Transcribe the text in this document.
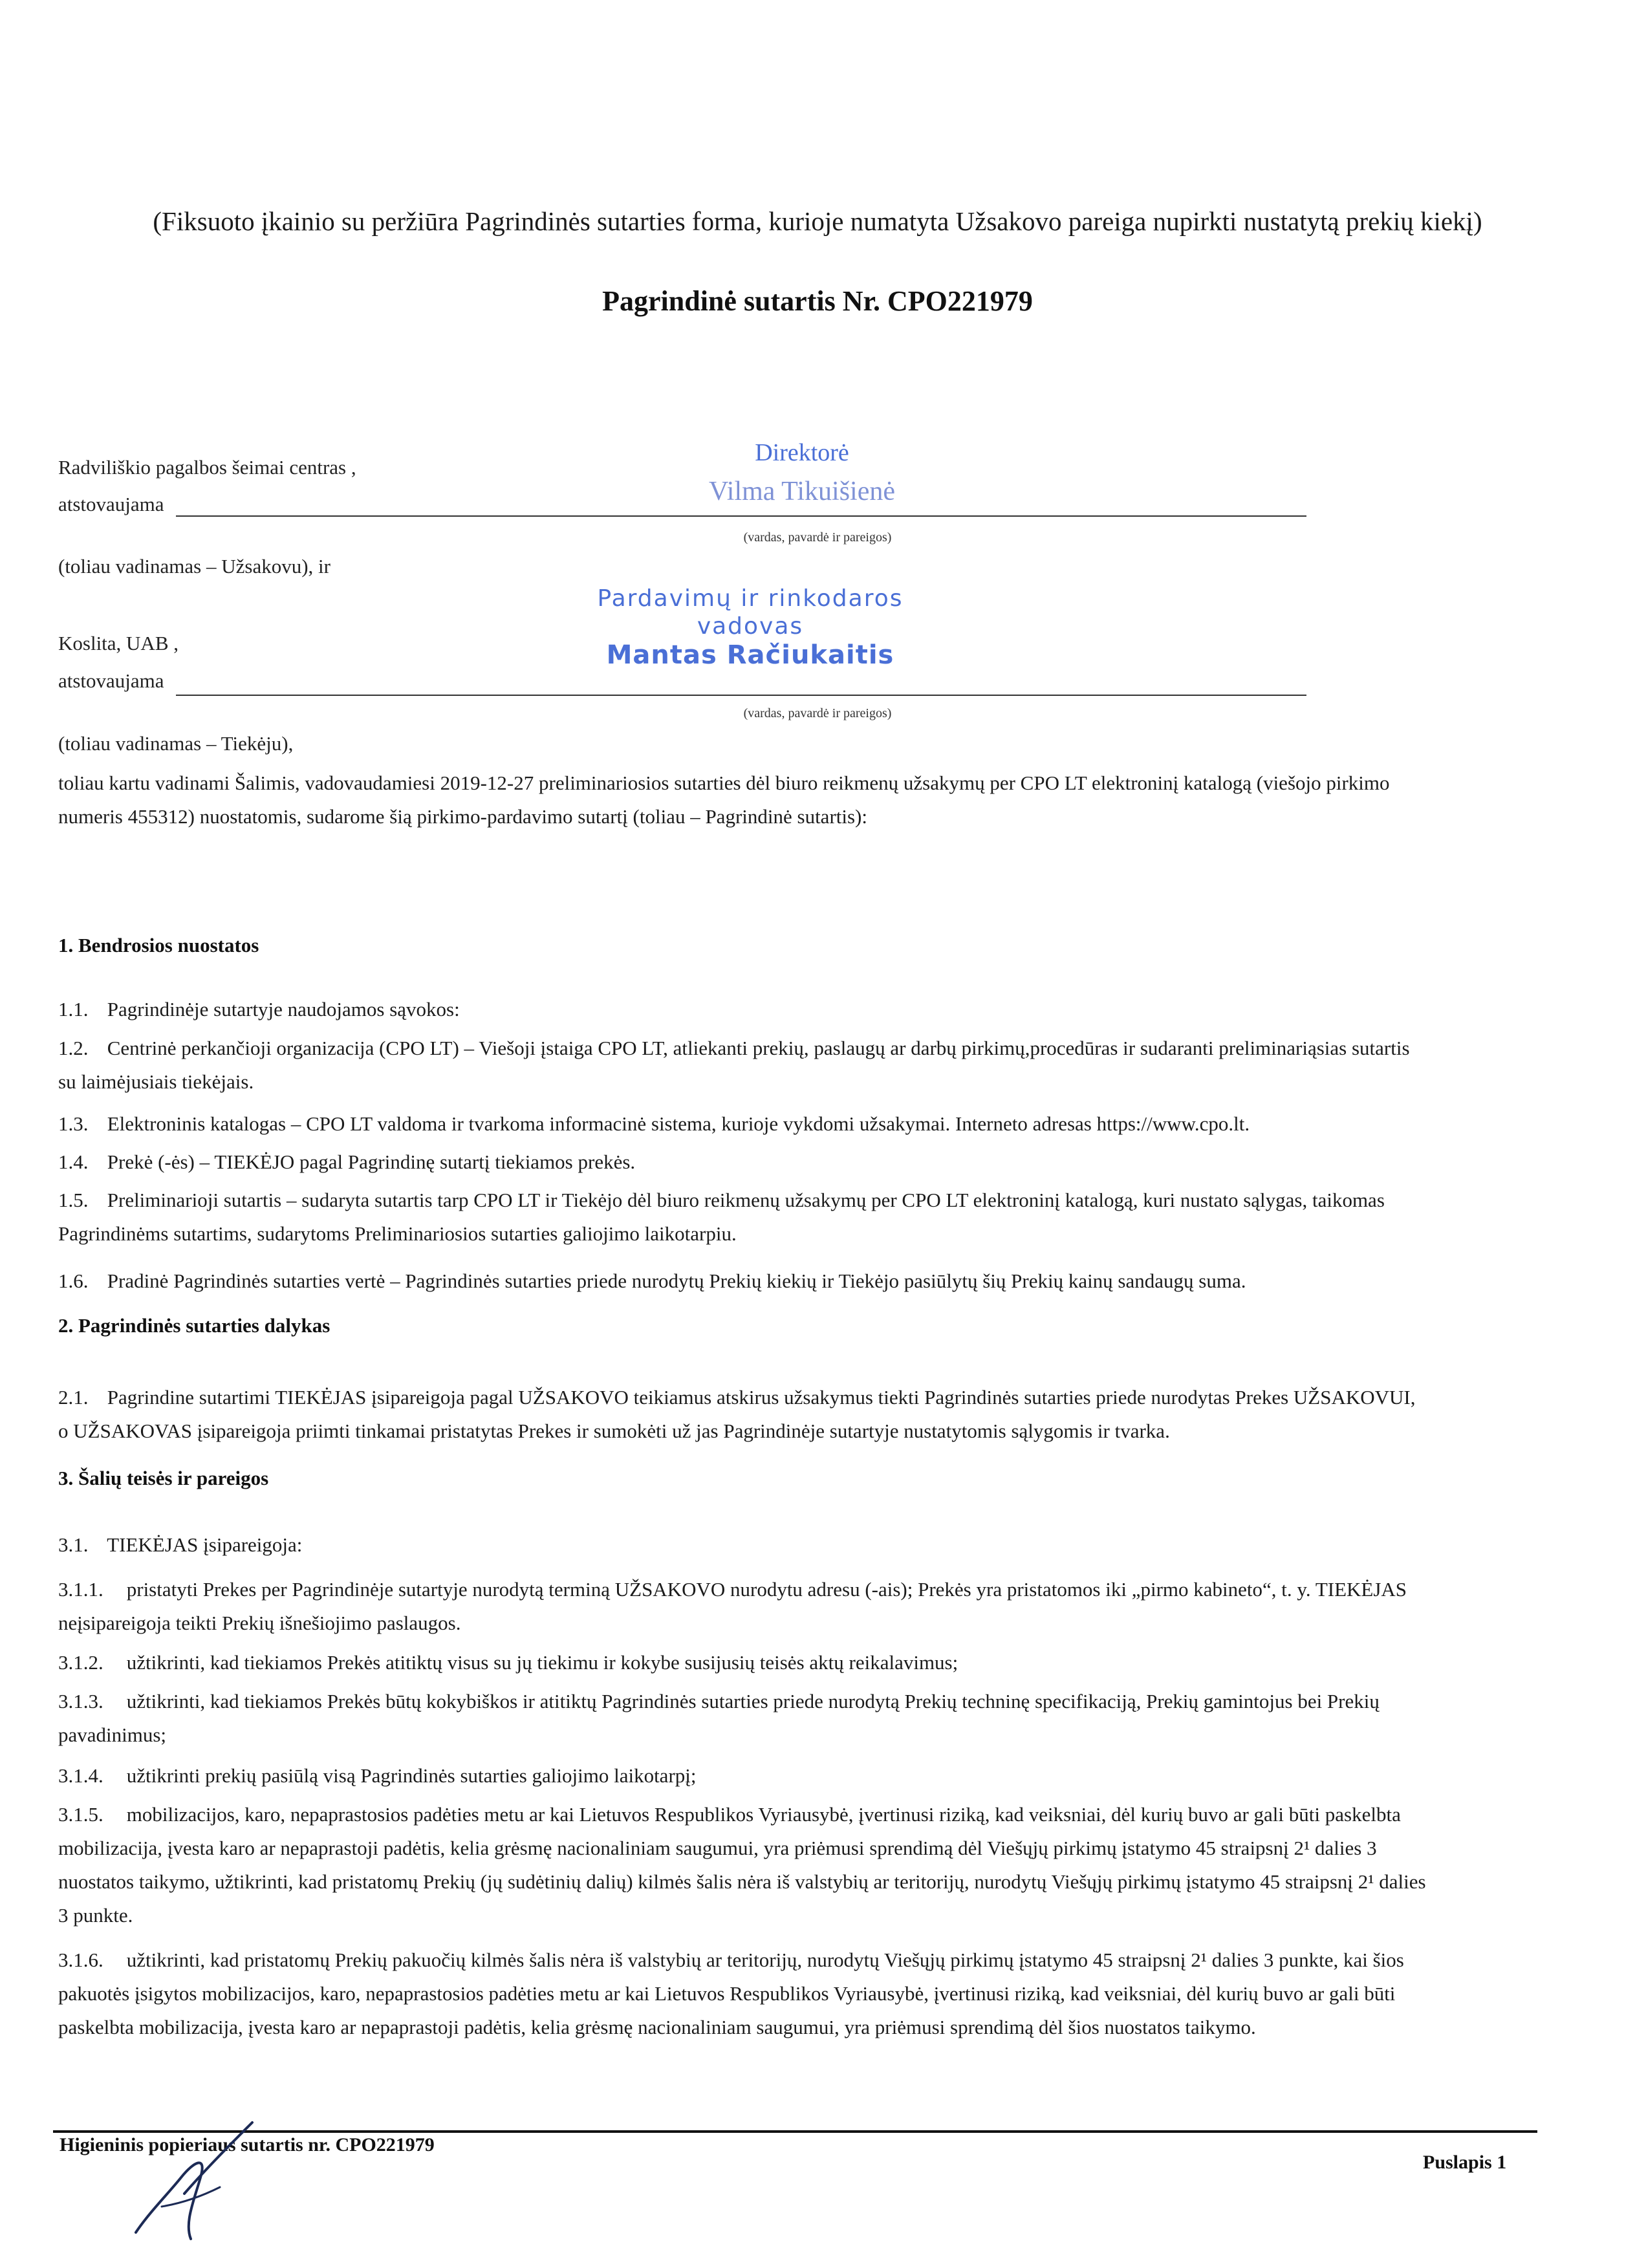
(Fiksuoto įkainio su peržiūra Pagrindinės sutarties forma, kurioje numatyta Užsakovo pareiga nupirkti nustatytą prekių kiekį)
Pagrindinė sutartis Nr. CPO221979
Radviliškio pagalbos šeimai centras ,
atstovaujama
Direktorė
Vilma Tikuišienė
(vardas, pavardė ir pareigos)
(toliau vadinamas – Užsakovu), ir
Koslita, UAB ,
atstovaujama
Pardavimų ir rinkodaros
vadovas
Mantas Račiukaitis
(vardas, pavardė ir pareigos)
(toliau vadinamas – Tiekėju),
toliau kartu vadinami Šalimis, vadovaudamiesi 2019-12-27 preliminariosios sutarties dėl biuro reikmenų užsakymų per CPO LT elektroninį katalogą (viešojo pirkimo numeris 455312) nuostatomis, sudarome šią pirkimo-pardavimo sutartį (toliau – Pagrindinė sutartis):
1. Bendrosios nuostatos
1.1. Pagrindinėje sutartyje naudojamos sąvokos:
1.2. Centrinė perkančioji organizacija (CPO LT) – Viešoji įstaiga CPO LT, atliekanti prekių, paslaugų ar darbų pirkimų,procedūras ir sudaranti preliminariąsias sutartis su laimėjusiais tiekėjais.
1.3. Elektroninis katalogas – CPO LT valdoma ir tvarkoma informacinė sistema, kurioje vykdomi užsakymai. Interneto adresas https://www.cpo.lt.
1.4. Prekė (-ės) – TIEKĖJO pagal Pagrindinę sutartį tiekiamos prekės.
1.5. Preliminarioji sutartis – sudaryta sutartis tarp CPO LT ir Tiekėjo dėl biuro reikmenų užsakymų per CPO LT elektroninį katalogą, kuri nustato sąlygas, taikomas Pagrindinėms sutartims, sudarytoms Preliminariosios sutarties galiojimo laikotarpiu.
1.6. Pradinė Pagrindinės sutarties vertė – Pagrindinės sutarties priede nurodytų Prekių kiekių ir Tiekėjo pasiūlytų šių Prekių kainų sandaugų suma.
2. Pagrindinės sutarties dalykas
2.1. Pagrindine sutartimi TIEKĖJAS įsipareigoja pagal UŽSAKOVO teikiamus atskirus užsakymus tiekti Pagrindinės sutarties priede nurodytas Prekes UŽSAKOVUI, o UŽSAKOVAS įsipareigoja priimti tinkamai pristatytas Prekes ir sumokėti už jas Pagrindinėje sutartyje nustatytomis sąlygomis ir tvarka.
3. Šalių teisės ir pareigos
3.1. TIEKĖJAS įsipareigoja:
3.1.1. pristatyti Prekes per Pagrindinėje sutartyje nurodytą terminą UŽSAKOVO nurodytu adresu (-ais); Prekės yra pristatomos iki „pirmo kabineto“, t. y. TIEKĖJAS neįsipareigoja teikti Prekių išnešiojimo paslaugos.
3.1.2. užtikrinti, kad tiekiamos Prekės atitiktų visus su jų tiekimu ir kokybe susijusių teisės aktų reikalavimus;
3.1.3. užtikrinti, kad tiekiamos Prekės būtų kokybiškos ir atitiktų Pagrindinės sutarties priede nurodytą Prekių techninę specifikaciją, Prekių gamintojus bei Prekių pavadinimus;
3.1.4. užtikrinti prekių pasiūlą visą Pagrindinės sutarties galiojimo laikotarpį;
3.1.5. mobilizacijos, karo, nepaprastosios padėties metu ar kai Lietuvos Respublikos Vyriausybė, įvertinusi riziką, kad veiksniai, dėl kurių buvo ar gali būti paskelbta mobilizacija, įvesta karo ar nepaprastoji padėtis, kelia grėsmę nacionaliniam saugumui, yra priėmusi sprendimą dėl Viešųjų pirkimų įstatymo 45 straipsnį 2¹ dalies 3 nuostatos taikymo, užtikrinti, kad pristatomų Prekių (jų sudėtinių dalių) kilmės šalis nėra iš valstybių ar teritorijų, nurodytų Viešųjų pirkimų įstatymo 45 straipsnį 2¹ dalies 3 punkte.
3.1.6. užtikrinti, kad pristatomų Prekių pakuočių kilmės šalis nėra iš valstybių ar teritorijų, nurodytų Viešųjų pirkimų įstatymo 45 straipsnį 2¹ dalies 3 punkte, kai šios pakuotės įsigytos mobilizacijos, karo, nepaprastosios padėties metu ar kai Lietuvos Respublikos Vyriausybė, įvertinusi riziką, kad veiksniai, dėl kurių buvo ar gali būti paskelbta mobilizacija, įvesta karo ar nepaprastoji padėtis, kelia grėsmę nacionaliniam saugumui, yra priėmusi sprendimą dėl šios nuostatos taikymo.
Higieninis popieriaus sutartis nr. CPO221979
Puslapis 1
